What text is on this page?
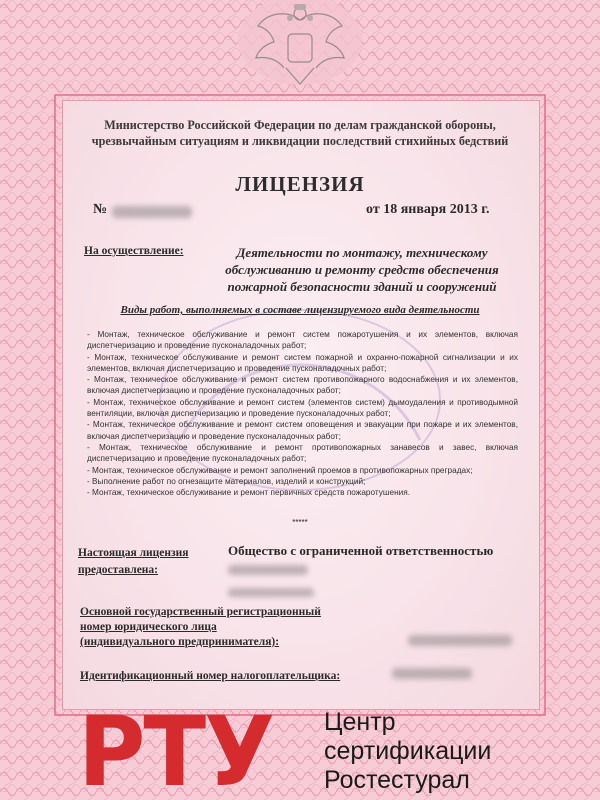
Министерство Российской Федерации по делам гражданской обороны, чрезвычайным ситуациям и ликвидации последствий стихийных бедствий
ЛИЦЕНЗИЯ
№	от 18 января 2013 г.
На осуществление:	Деятельности по монтажу, техническому обслуживанию и ремонту средств обеспечения пожарной безопасности зданий и сооружений
Виды работ, выполняемых в составе лицензируемого вида деятельности

- Монтаж, техническое обслуживание и ремонт систем пожаротушения и их элементов, включая диспетчеризацию и проведение пусконаладочных работ;

- Монтаж, техническое обслуживание и ремонт систем пожарной и охранно-пожарной сигнализации и их элементов, включая диспетчеризацию и проведение пусконаладочных работ;

- Монтаж, техническое обслуживание и ремонт систем противопожарного водоснабжения и их элементов, включая диспетчеризацию и проведение пусконаладочных работ;

- Монтаж, техническое обслуживание и ремонт систем (элементов систем) дымоудаления и противодымной вентиляции, включая диспетчеризацию и проведение пусконаладочных работ;

- Монтаж, техническое обслуживание и ремонт систем оповещения и эвакуации при пожаре и их элементов, включая диспетчеризацию и проведение пусконаладочных работ;

- Монтаж, техническое обслуживание и ремонт противопожарных занавесов и завес, включая диспетчеризацию и проведение пусконаладочных работ;

- Монтаж, техническое обслуживание и ремонт заполнений проемов в противопожарных преградах;

- Выполнение работ по огнезащите материалов, изделий и конструкций;

- Монтаж, техническое обслуживание и ремонт первичных средств пожаротушения.

*****
Настоящая лицензия
предоставлена:
Общество с ограниченной ответственностью
Основной государственный регистрационный
номер юридического лица
(индивидуального предпринимателя):
Идентификационный номер налогоплательщика:
РТУ Центр
сертификации
Ростестурал
